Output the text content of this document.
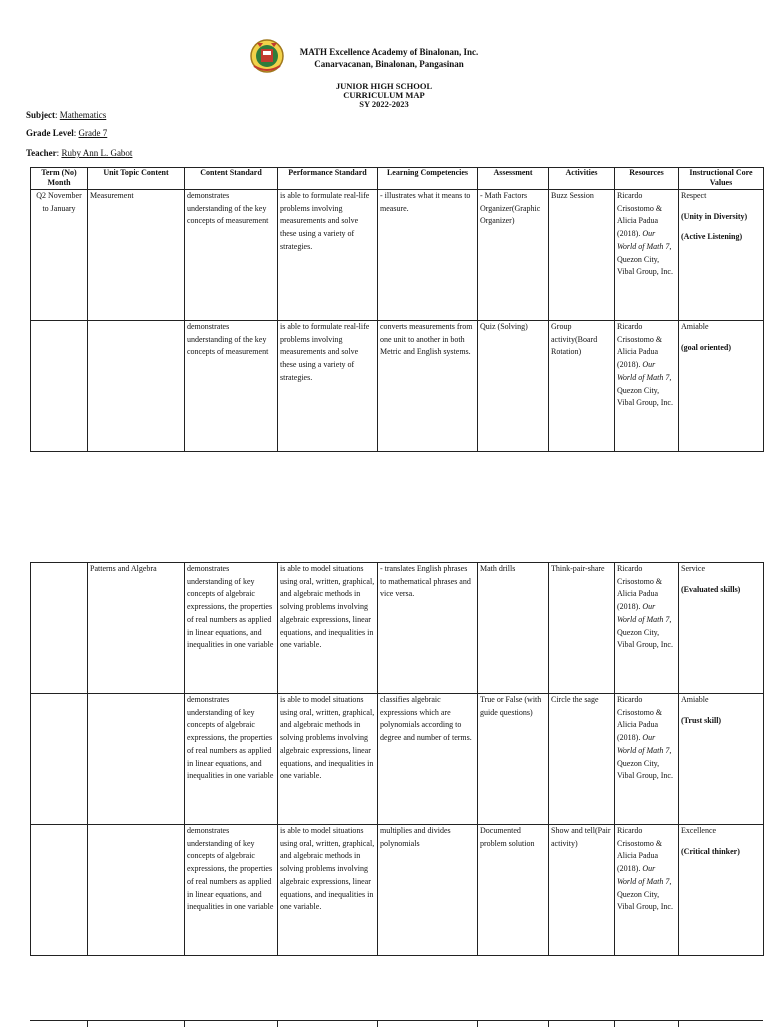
MATH Excellence Academy of Binalonan, Inc.
Canarvacanan, Binalonan, Pangasinan
JUNIOR HIGH SCHOOL
CURRICULUM MAP
SY 2022-2023
Subject: Mathematics
Grade Level: Grade 7
Teacher: Ruby Ann L. Gabot
Term (No) Month	Unit Topic Content	Content Standard	Performance Standard	Learning Competencies	Assessment	Activities	Resources	Instructional Core Values
Q2 November to January	Measurement	demonstrates understanding of the key concepts of measurement	is able to formulate real-life problems involving measurements and solve these using a variety of strategies.	- illustrates what it means to measure.	- Math Factors Organizer(Graphic Organizer)	Buzz Session	Ricardo Crisostomo & Alicia Padua (2018). Our World of Math 7, Quezon City, Vibal Group, Inc.	Respect
(Unity in Diversity)
(Active Listening)

		demonstrates understanding of the key concepts of measurement	is able to formulate real-life problems involving measurements and solve these using a variety of strategies.	converts measurements from one unit to another in both Metric and English systems.	Quiz (Solving)	Group activity(Board Rotation)	Ricardo Crisostomo & Alicia Padua (2018). Our World of Math 7, Quezon City, Vibal Group, Inc.	Amiable
(goal oriented)
	Patterns and Algebra	demonstrates understanding of key concepts of algebraic expressions, the properties of real numbers as applied in linear equations, and inequalities in one variable	is able to model situations using oral, written, graphical, and algebraic methods in solving problems involving algebraic expressions, linear equations, and inequalities in one variable.	- translates English phrases to mathematical phrases and vice versa.	Math drills	Think-pair-share	Ricardo Crisostomo & Alicia Padua (2018). Our World of Math 7, Quezon City, Vibal Group, Inc.	Service
(Evaluated skills)

		demonstrates understanding of key concepts of algebraic expressions, the properties of real numbers as applied in linear equations, and inequalities in one variable	is able to model situations using oral, written, graphical, and algebraic methods in solving problems involving algebraic expressions, linear equations, and inequalities in one variable.	classifies algebraic expressions which are polynomials according to degree and number of terms.	True or False (with guide questions)	Circle the sage	Ricardo Crisostomo & Alicia Padua (2018). Our World of Math 7, Quezon City, Vibal Group, Inc.	Amiable
(Trust skill)

		demonstrates understanding of key concepts of algebraic expressions, the properties of real numbers as applied in linear equations, and inequalities in one variable	is able to model situations using oral, written, graphical, and algebraic methods in solving problems involving algebraic expressions, linear equations, and inequalities in one variable.	multiplies and divides polynomials	Documented problem solution	Show and tell(Pair activity)	Ricardo Crisostomo & Alicia Padua (2018). Our World of Math 7, Quezon City, Vibal Group, Inc.	Excellence
(Critical thinker)
